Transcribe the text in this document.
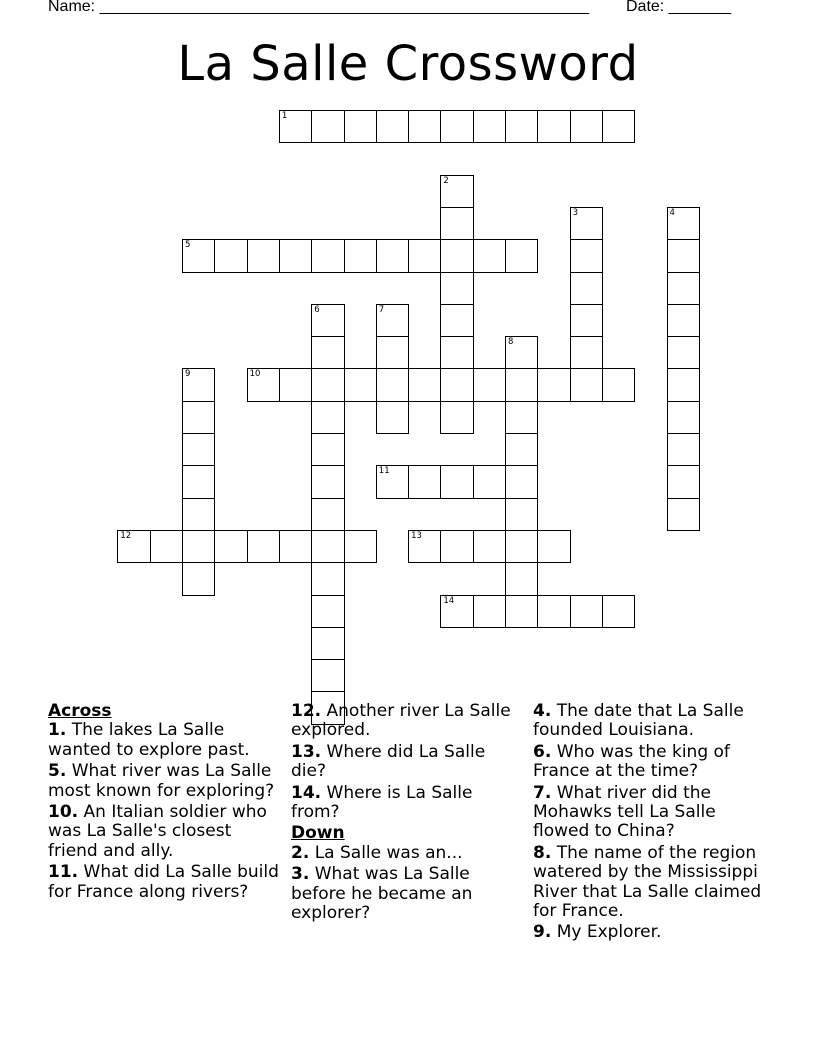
Name: _______________________________________________________ Date: _______
La Salle Crossword
1
2
3	4
5
6	7
8
9	10
11
12	13
14
Across
1. The lakes La Salle wanted to explore past.
5. What river was La Salle most known for exploring?
10. An Italian soldier who was La Salle's closest friend and ally.
11. What did La Salle build for France along rivers?
12. Another river La Salle explored.
13. Where did La Salle die?
14. Where is La Salle from?
Down
2. La Salle was an...
3. What was La Salle before he became an explorer?
4. The date that La Salle founded Louisiana.
6. Who was the king of France at the time?
7. What river did the Mohawks tell La Salle flowed to China?
8. The name of the region watered by the Mississippi River that La Salle claimed for France.
9. My Explorer.
